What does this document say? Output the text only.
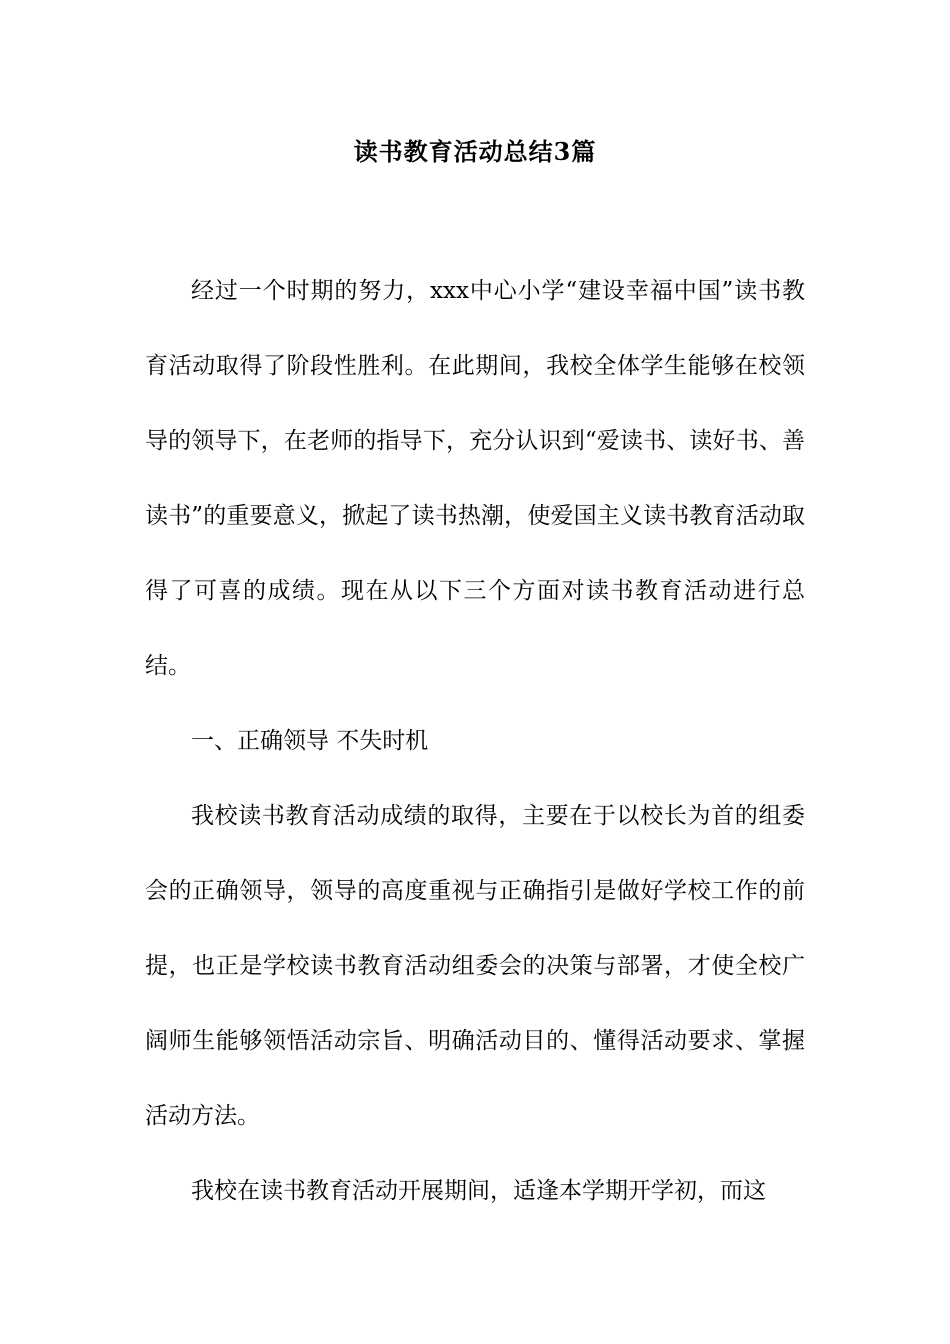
读书教育活动总结3篇

经过一个时期的努力，xxx中心小学“建设幸福中国”读书教育活动取得了阶段性胜利。在此期间，我校全体学生能够在校领导的领导下，在老师的指导下，充分认识到“爱读书、读好书、善读书”的重要意义，掀起了读书热潮，使爱国主义读书教育活动取得了可喜的成绩。现在从以下三个方面对读书教育活动进行总结。

一、正确领导 不失时机

我校读书教育活动成绩的取得，主要在于以校长为首的组委会的正确领导，领导的高度重视与正确指引是做好学校工作的前提，也正是学校读书教育活动组委会的决策与部署，才使全校广阔师生能够领悟活动宗旨、明确活动目的、懂得活动要求、掌握活动方法。

我校在读书教育活动开展期间，适逢本学期开学初，而这
